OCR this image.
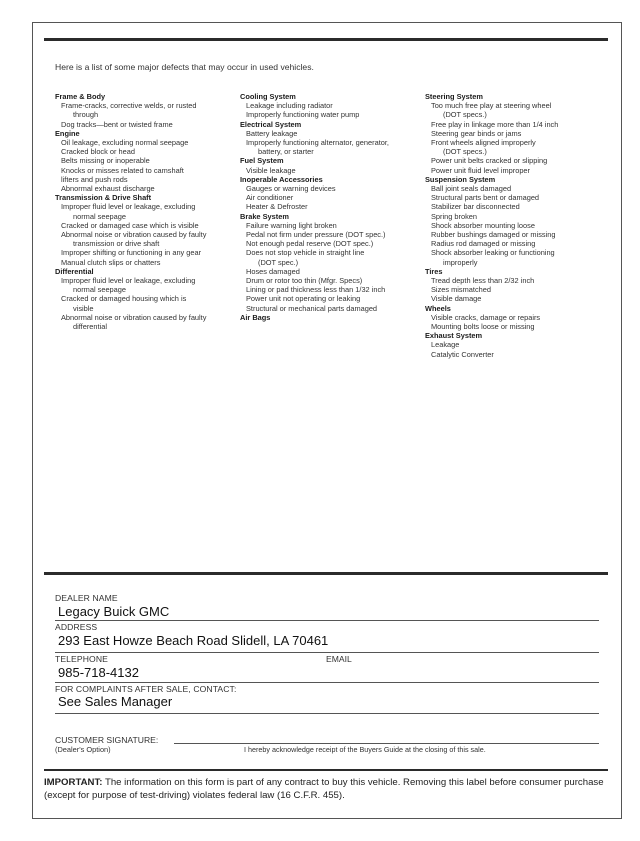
Here is a list of some major defects that may occur in used vehicles.
Frame & Body
Frame-cracks, corrective welds, or rusted
through
Dog tracks—bent or twisted frame
Engine
Oil leakage, excluding normal seepage
Cracked block or head
Belts missing or inoperable
Knocks or misses related to camshaft
lifters and push rods
Abnormal exhaust discharge
Transmission & Drive Shaft
Improper fluid level or leakage, excluding
normal seepage
Cracked or damaged case which is visible
Abnormal noise or vibration caused by faulty
transmission or drive shaft
Improper shifting or functioning in any gear
Manual clutch slips or chatters
Differential
Improper fluid level or leakage, excluding
normal seepage
Cracked or damaged housing which is
visible
Abnormal noise or vibration caused by faulty
differential
Cooling System
Leakage including radiator
Improperly functioning water pump
Electrical System
Battery leakage
Improperly functioning alternator, generator,
battery, or starter
Fuel System
Visible leakage
Inoperable Accessories
Gauges or warning devices
Air conditioner
Heater & Defroster
Brake System
Failure warning light broken
Pedal not firm under pressure (DOT spec.)
Not enough pedal reserve (DOT spec.)
Does not stop vehicle in straight line
(DOT spec.)
Hoses damaged
Drum or rotor too thin (Mfgr. Specs)
Lining or pad thickness less than 1/32 inch
Power unit not operating or leaking
Structural or mechanical parts damaged
Air Bags
Steering System
Too much free play at steering wheel
(DOT specs.)
Free play in linkage more than 1/4 inch
Steering gear binds or jams
Front wheels aligned improperly
(DOT specs.)
Power unit belts cracked or slipping
Power unit fluid level improper
Suspension System
Ball joint seals damaged
Structural parts bent or damaged
Stabilizer bar disconnected
Spring broken
Shock absorber mounting loose
Rubber bushings damaged or missing
Radius rod damaged or missing
Shock absorber leaking or functioning
improperly
Tires
Tread depth less than 2/32 inch
Sizes mismatched
Visible damage
Wheels
Visible cracks, damage or repairs
Mounting bolts loose or missing
Exhaust System
Leakage
Catalytic Converter
DEALER NAME
Legacy Buick GMC
ADDRESS
293 East Howze Beach Road Slidell, LA 70461
TELEPHONE	EMAIL
985-718-4132
FOR COMPLAINTS AFTER SALE, CONTACT:
See Sales Manager
CUSTOMER SIGNATURE:
(Dealer's Option)	I hereby acknowledge receipt of the Buyers Guide at the closing of this sale.
IMPORTANT: The information on this form is part of any contract to buy this vehicle. Removing this label before consumer purchase (except for purpose of test-driving) violates federal law (16 C.F.R. 455).
